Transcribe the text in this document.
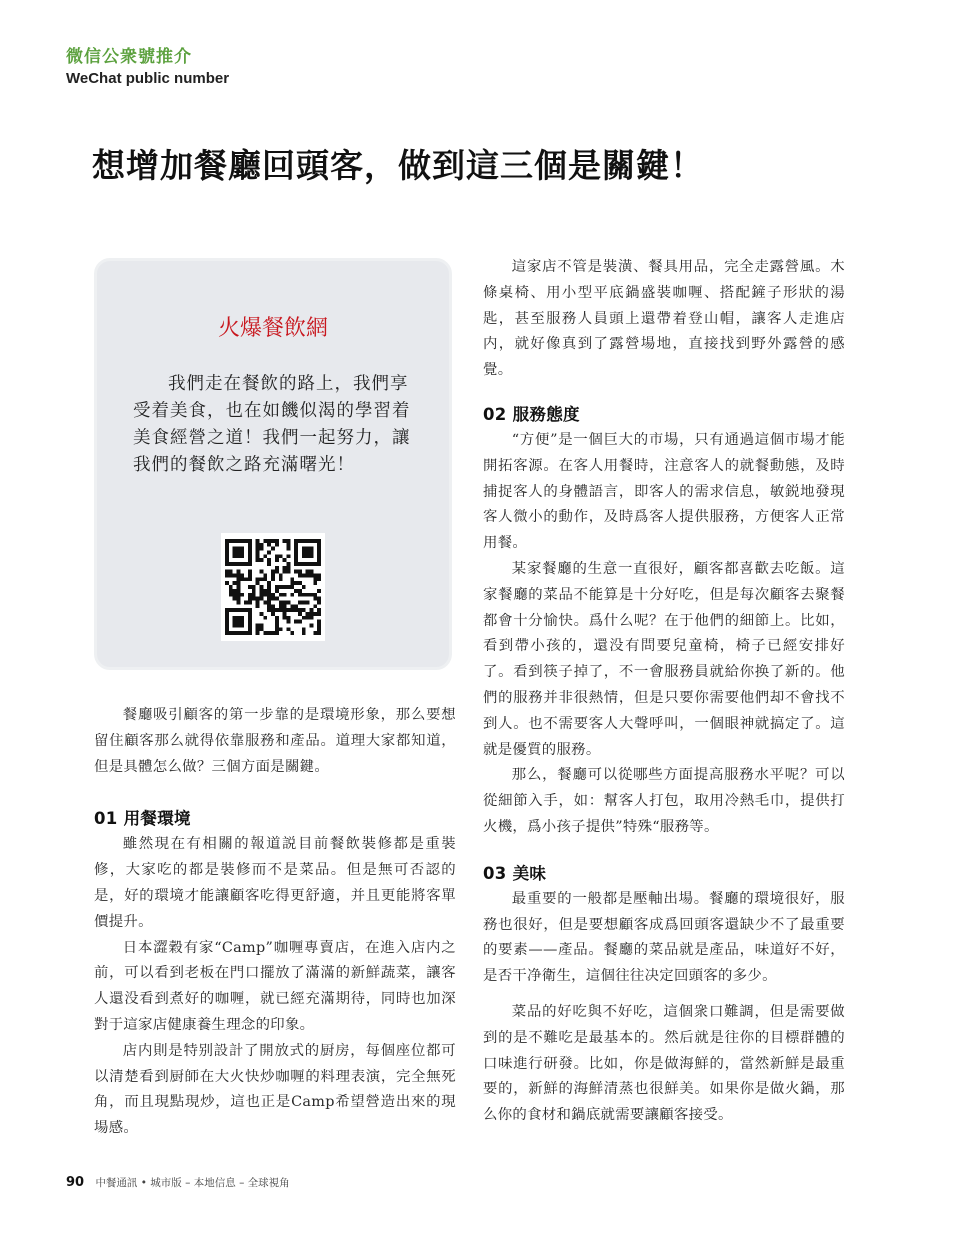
微信公衆號推介
WeChat public number
想增加餐廳回頭客，做到這三個是關鍵！
火爆餐飲網
我們走在餐飲的路上，我們享受着美食，也在如饑似渴的學習着美食經營之道！我們一起努力，讓我們的餐飲之路充滿曙光！

餐廳吸引顧客的第一步靠的是環境形象，那么要想留住顧客那么就得依靠服務和產品。道理大家都知道，但是具體怎么做？三個方面是關鍵。

01 用餐環境

雖然現在有相關的報道説目前餐飲裝修都是重裝修，大家吃的都是裝修而不是菜品。但是無可否認的是，好的環境才能讓顧客吃得更舒適，并且更能將客單價提升。

日本澀穀有家“Camp”咖喱專賣店，在進入店内之前，可以看到老板在門口擺放了滿滿的新鮮蔬菜，讓客人還没看到煮好的咖喱，就已經充滿期待，同時也加深對于這家店健康養生理念的印象。

店内則是特别設計了開放式的厨房，每個座位都可以清楚看到厨師在大火快炒咖喱的料理表演，完全無死角，而且現點現炒，這也正是Camp希望營造出來的現場感。

這家店不管是裝潢、餐具用品，完全走露營風。木條桌椅、用小型平底鍋盛裝咖喱、搭配鏟子形狀的湯匙，甚至服務人員頭上還帶着登山帽，讓客人走進店内，就好像真到了露營場地，直接找到野外露營的感覺。

02 服務態度

“方便”是一個巨大的市場，只有通過這個市場才能開拓客源。在客人用餐時，注意客人的就餐動態，及時捕捉客人的身體語言，即客人的需求信息，敏鋭地發現客人微小的動作，及時爲客人提供服務，方便客人正常用餐。

某家餐廳的生意一直很好，顧客都喜歡去吃飯。這家餐廳的菜品不能算是十分好吃，但是每次顧客去聚餐都會十分愉快。爲什么呢？在于他們的細節上。比如，看到帶小孩的，還没有問要兒童椅，椅子已經安排好了。看到筷子掉了，不一會服務員就給你换了新的。他們的服務并非很熱情，但是只要你需要他們却不會找不到人。也不需要客人大聲呼叫，一個眼神就搞定了。這就是優質的服務。

那么，餐廳可以從哪些方面提高服務水平呢？可以從細節入手，如：幫客人打包，取用冷熱毛巾，提供打火機，爲小孩子提供”特殊“服務等。

03 美味

最重要的一般都是壓軸出場。餐廳的環境很好，服務也很好，但是要想顧客成爲回頭客還缺少不了最重要的要素——產品。餐廳的菜品就是產品，味道好不好，是否干净衛生，這個往往决定回頭客的多少。

菜品的好吃與不好吃，這個衆口難調，但是需要做到的是不難吃是最基本的。然后就是往你的目標群體的口味進行研發。比如，你是做海鮮的，當然新鮮是最重要的，新鮮的海鮮清蒸也很鮮美。如果你是做火鍋，那么你的食材和鍋底就需要讓顧客接受。

90 中餐通訊 • 城市版 – 本地信息 – 全球視角
